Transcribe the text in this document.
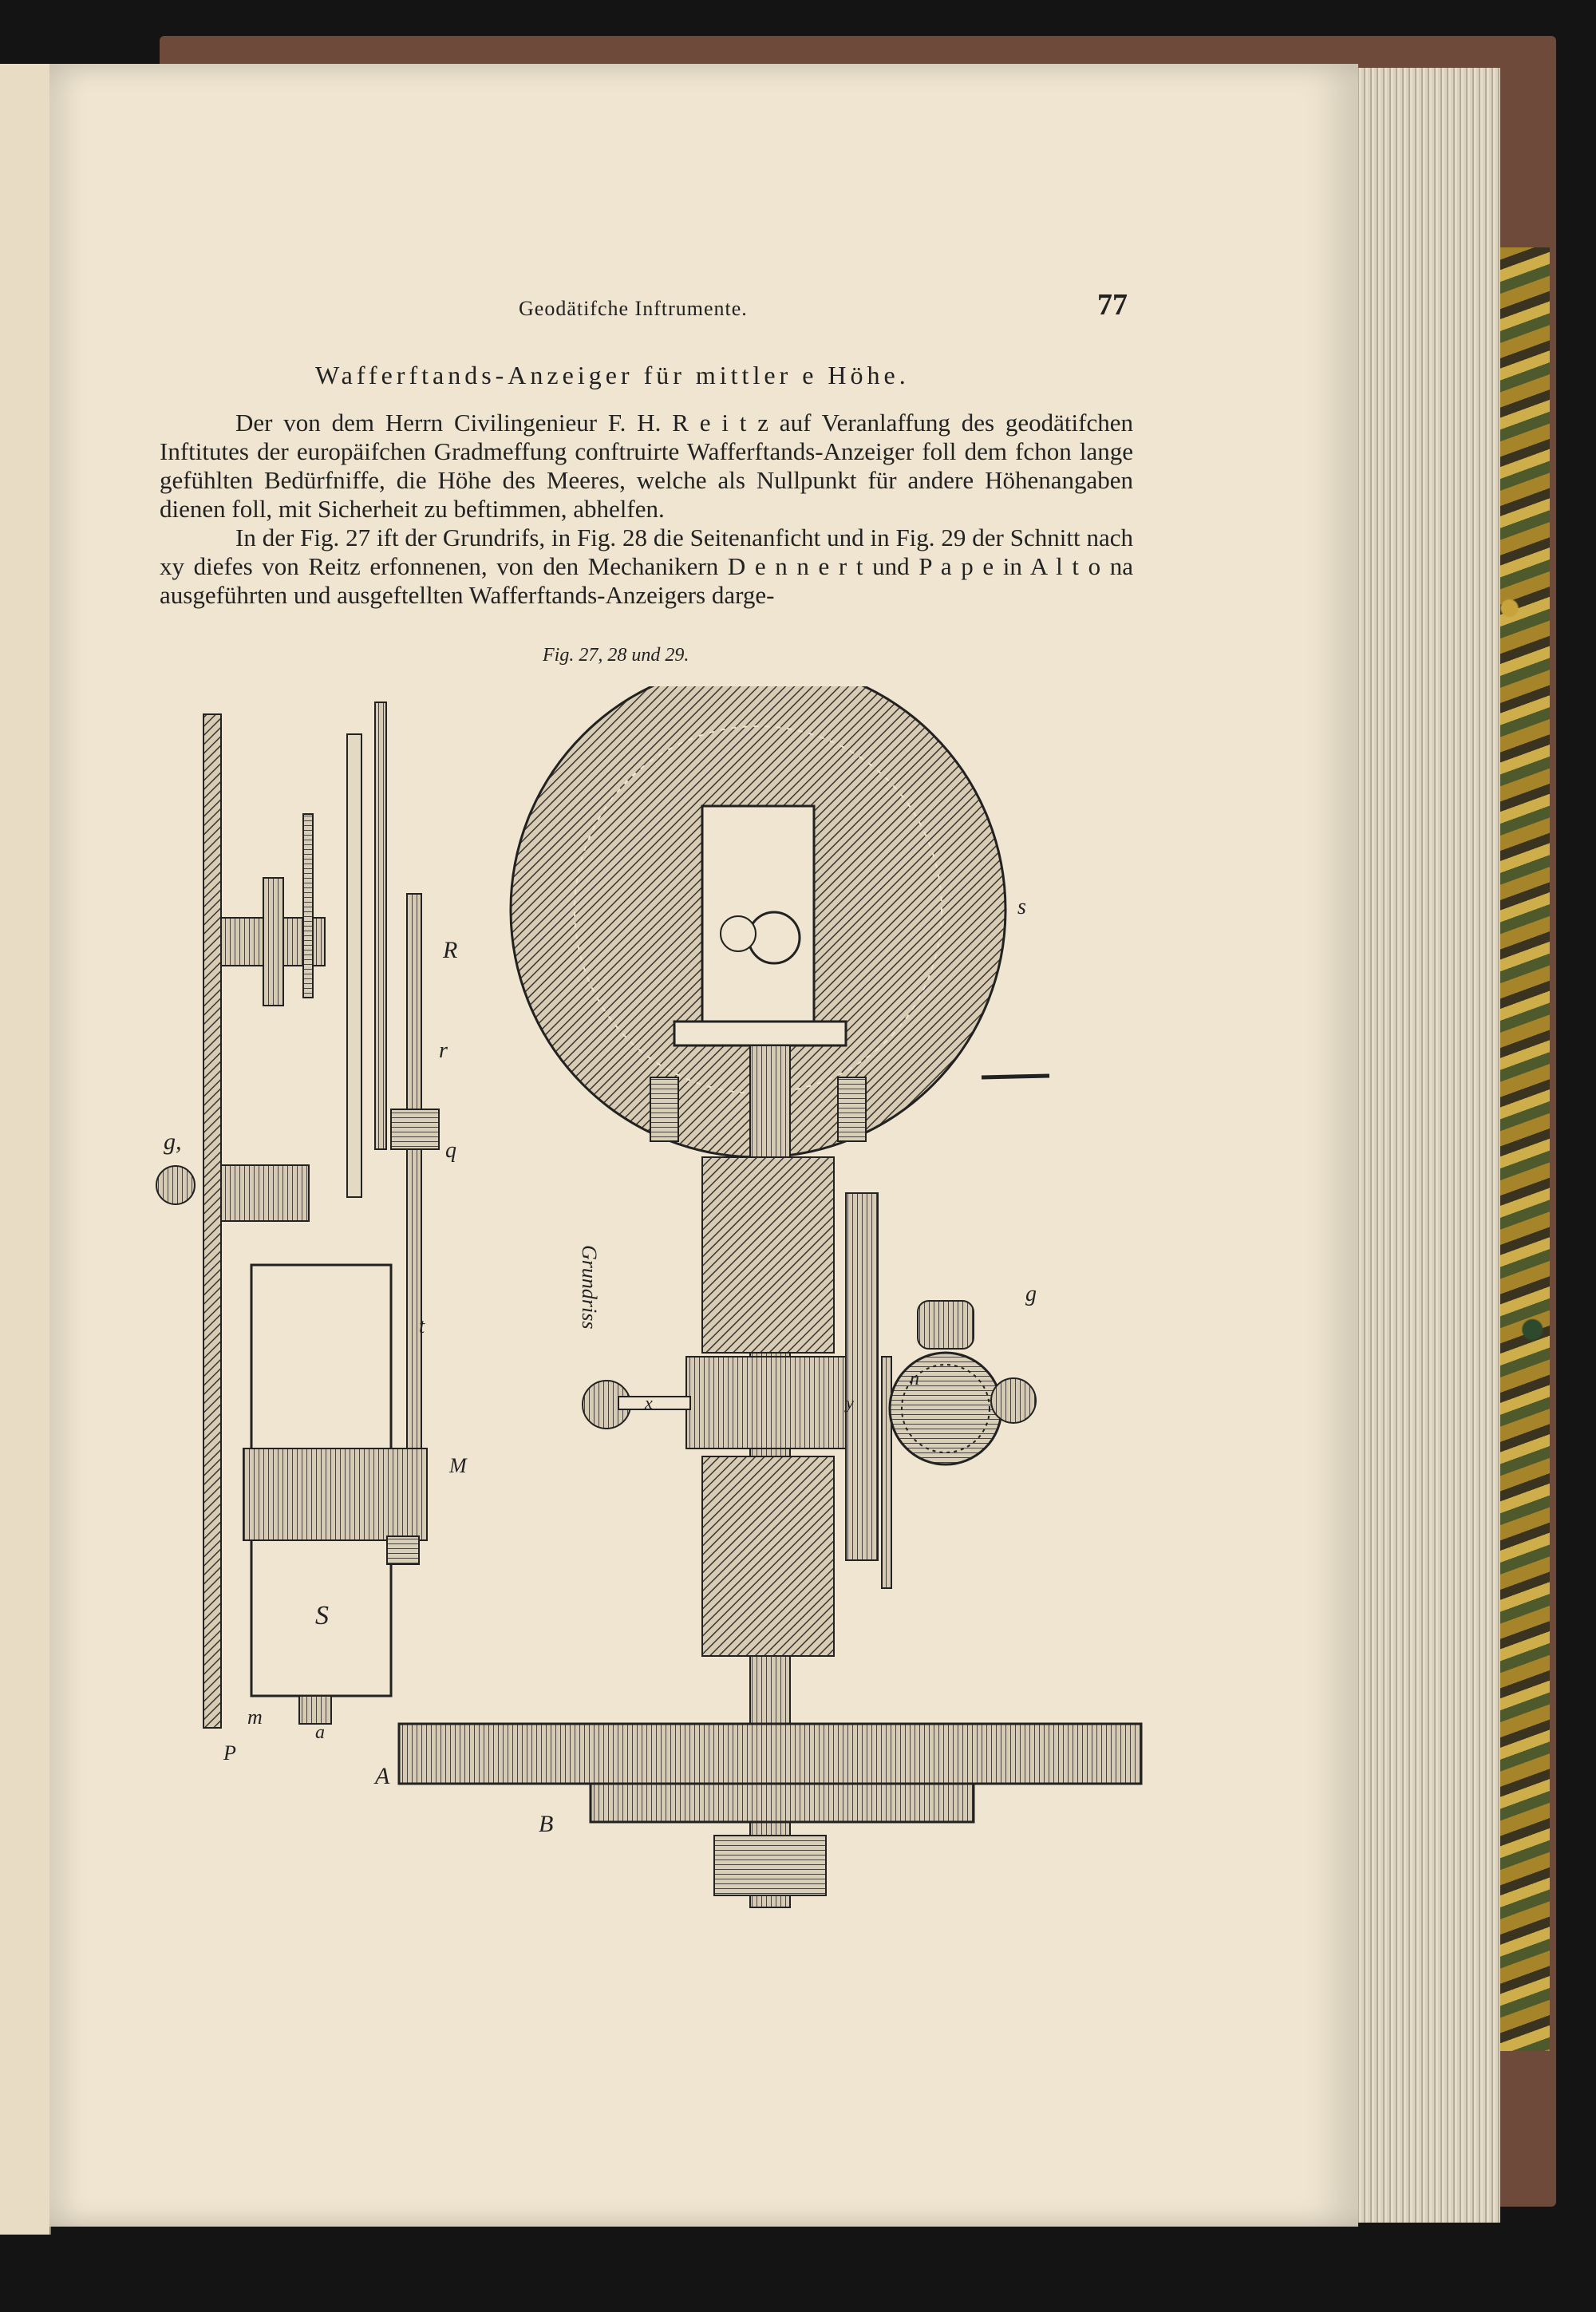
Geodätifche Inftrumente.	77
Wafferftands-Anzeiger für mittler e Höhe.
Der von dem Herrn Civilingenieur F. H. R e i t z auf Veranlaffung des geodätifchen Inftitutes der europäifchen Gradmeffung conftruirte Wafferftands-Anzeiger foll dem fchon lange gefühlten Bedürfniffe, die Höhe des Meeres, welche als Nullpunkt für andere Höhenangaben dienen foll, mit Sicherheit zu beftimmen, abhelfen.
In der Fig. 27 ift der Grundrifs, in Fig. 28 die Seitenanficht und in Fig. 29 der Schnitt nach xy diefes von Reitz erfonnenen, von den Mechanikern D e n n e r t und P a p e in A l t o na ausgeführten und ausgeftellten Wafferftands-Anzeigers darge-
Fig. 27, 28 und 29.
R
r
q
g,
t
M
S
a
m
P
A
B
s
g
n
x	y
Grundriss
